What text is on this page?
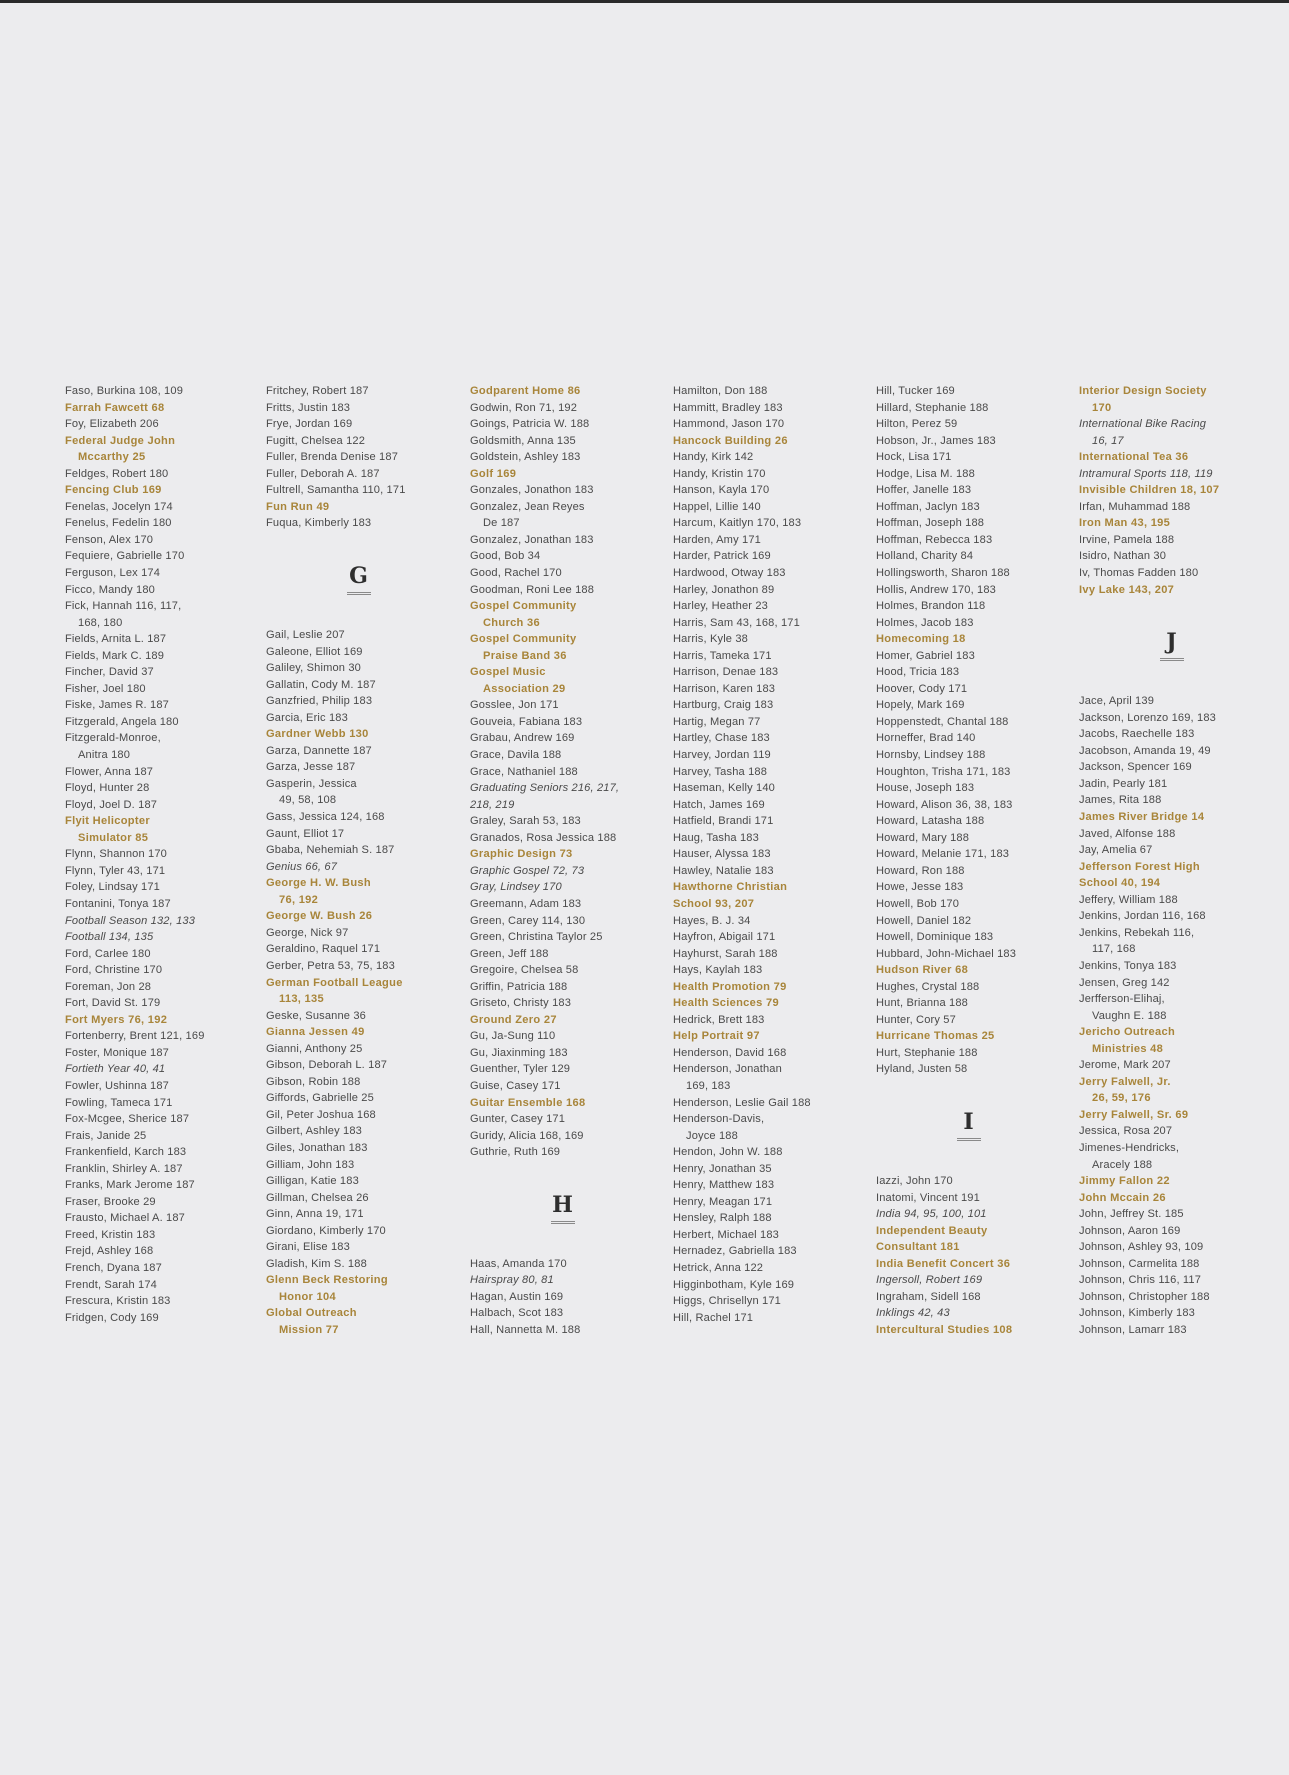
Faso, Burkina 108, 109
Farrah Fawcett 68
Foy, Elizabeth 206
Federal Judge John
Mccarthy 25
Feldges, Robert 180
Fencing Club 169
Fenelas, Jocelyn 174
Fenelus, Fedelin 180
Fenson, Alex 170
Fequiere, Gabrielle 170
Ferguson, Lex 174
Ficco, Mandy 180
Fick, Hannah 116, 117,
168, 180
Fields, Arnita L. 187
Fields, Mark C. 189
Fincher, David 37
Fisher, Joel 180
Fiske, James R. 187
Fitzgerald, Angela 180
Fitzgerald-Monroe,
Anitra 180
Flower, Anna 187
Floyd, Hunter 28
Floyd, Joel D. 187
Flyit Helicopter
Simulator 85
Flynn, Shannon 170
Flynn, Tyler 43, 171
Foley, Lindsay 171
Fontanini, Tonya 187
Football Season 132, 133
Football 134, 135
Ford, Carlee 180
Ford, Christine 170
Foreman, Jon 28
Fort, David St. 179
Fort Myers 76, 192
Fortenberry, Brent 121, 169
Foster, Monique 187
Fortieth Year 40, 41
Fowler, Ushinna 187
Fowling, Tameca 171
Fox-Mcgee, Sherice 187
Frais, Janide 25
Frankenfield, Karch 183
Franklin, Shirley A. 187
Franks, Mark Jerome 187
Fraser, Brooke 29
Frausto, Michael A. 187
Freed, Kristin 183
Frejd, Ashley 168
French, Dyana 187
Frendt, Sarah 174
Frescura, Kristin 183
Fridgen, Cody 169
Fritchey, Robert 187
Fritts, Justin 183
Frye, Jordan 169
Fugitt, Chelsea 122
Fuller, Brenda Denise 187
Fuller, Deborah A. 187
Fultrell, Samantha 110, 171
Fun Run 49
Fuqua, Kimberly 183
G
Gail, Leslie 207
Galeone, Elliot 169
Galiley, Shimon 30
Gallatin, Cody M. 187
Ganzfried, Philip 183
Garcia, Eric 183
Gardner Webb 130
Garza, Dannette 187
Garza, Jesse 187
Gasperin, Jessica
49, 58, 108
Gass, Jessica 124, 168
Gaunt, Elliot 17
Gbaba, Nehemiah S. 187
Genius 66, 67
George H. W. Bush
76, 192
George W. Bush 26
George, Nick 97
Geraldino, Raquel 171
Gerber, Petra 53, 75, 183
German Football League
113, 135
Geske, Susanne 36
Gianna Jessen 49
Gianni, Anthony 25
Gibson, Deborah L. 187
Gibson, Robin 188
Giffords, Gabrielle 25
Gil, Peter Joshua 168
Gilbert, Ashley 183
Giles, Jonathan 183
Gilliam, John 183
Gilligan, Katie 183
Gillman, Chelsea 26
Ginn, Anna 19, 171
Giordano, Kimberly 170
Girani, Elise 183
Gladish, Kim S. 188
Glenn Beck Restoring
Honor 104
Global Outreach
Mission 77
Godparent Home 86
Godwin, Ron 71, 192
Goings, Patricia W. 188
Goldsmith, Anna 135
Goldstein, Ashley 183
Golf 169
Gonzales, Jonathon 183
Gonzalez, Jean Reyes
De 187
Gonzalez, Jonathan 183
Good, Bob 34
Good, Rachel 170
Goodman, Roni Lee 188
Gospel Community
Church 36
Gospel Community
Praise Band 36
Gospel Music
Association 29
Gosslee, Jon 171
Gouveia, Fabiana 183
Grabau, Andrew 169
Grace, Davila 188
Grace, Nathaniel 188
Graduating Seniors 216, 217,
218, 219
Graley, Sarah 53, 183
Granados, Rosa Jessica 188
Graphic Design 73
Graphic Gospel 72, 73
Gray, Lindsey 170
Greemann, Adam 183
Green, Carey 114, 130
Green, Christina Taylor 25
Green, Jeff 188
Gregoire, Chelsea 58
Griffin, Patricia 188
Griseto, Christy 183
Ground Zero 27
Gu, Ja-Sung 110
Gu, Jiaxinming 183
Guenther, Tyler 129
Guise, Casey 171
Guitar Ensemble 168
Gunter, Casey 171
Guridy, Alicia 168, 169
Guthrie, Ruth 169
H
Haas, Amanda 170
Hairspray 80, 81
Hagan, Austin 169
Halbach, Scot 183
Hall, Nannetta M. 188
Hamilton, Don 188
Hammitt, Bradley 183
Hammond, Jason 170
Hancock Building 26
Handy, Kirk 142
Handy, Kristin 170
Hanson, Kayla 170
Happel, Lillie 140
Harcum, Kaitlyn 170, 183
Harden, Amy 171
Harder, Patrick 169
Hardwood, Otway 183
Harley, Jonathon 89
Harley, Heather 23
Harris, Sam 43, 168, 171
Harris, Kyle 38
Harris, Tameka 171
Harrison, Denae 183
Harrison, Karen 183
Hartburg, Craig 183
Hartig, Megan 77
Hartley, Chase 183
Harvey, Jordan 119
Harvey, Tasha 188
Haseman, Kelly 140
Hatch, James 169
Hatfield, Brandi 171
Haug, Tasha 183
Hauser, Alyssa 183
Hawley, Natalie 183
Hawthorne Christian
School 93, 207
Hayes, B. J. 34
Hayfron, Abigail 171
Hayhurst, Sarah 188
Hays, Kaylah 183
Health Promotion 79
Health Sciences 79
Hedrick, Brett 183
Help Portrait 97
Henderson, David 168
Henderson, Jonathan
169, 183
Henderson, Leslie Gail 188
Henderson-Davis,
Joyce 188
Hendon, John W. 188
Henry, Jonathan 35
Henry, Matthew 183
Henry, Meagan 171
Hensley, Ralph 188
Herbert, Michael 183
Hernadez, Gabriella 183
Hetrick, Anna 122
Higginbotham, Kyle 169
Higgs, Chrisellyn 171
Hill, Rachel 171
Hill, Tucker 169
Hillard, Stephanie 188
Hilton, Perez 59
Hobson, Jr., James 183
Hock, Lisa 171
Hodge, Lisa M. 188
Hoffer, Janelle 183
Hoffman, Jaclyn 183
Hoffman, Joseph 188
Hoffman, Rebecca 183
Holland, Charity 84
Hollingsworth, Sharon 188
Hollis, Andrew 170, 183
Holmes, Brandon 118
Holmes, Jacob 183
Homecoming 18
Homer, Gabriel 183
Hood, Tricia 183
Hoover, Cody 171
Hopely, Mark 169
Hoppenstedt, Chantal 188
Horneffer, Brad 140
Hornsby, Lindsey 188
Houghton, Trisha 171, 183
House, Joseph 183
Howard, Alison 36, 38, 183
Howard, Latasha 188
Howard, Mary 188
Howard, Melanie 171, 183
Howard, Ron 188
Howe, Jesse 183
Howell, Bob 170
Howell, Daniel 182
Howell, Dominique 183
Hubbard, John-Michael 183
Hudson River 68
Hughes, Crystal 188
Hunt, Brianna 188
Hunter, Cory 57
Hurricane Thomas 25
Hurt, Stephanie 188
Hyland, Justen 58
I
Iazzi, John 170
Inatomi, Vincent 191
India 94, 95, 100, 101
Independent Beauty
Consultant 181
India Benefit Concert 36
Ingersoll, Robert 169
Ingraham, Sidell 168
Inklings 42, 43
Intercultural Studies 108
Interior Design Society
170
International Bike Racing
16, 17
International Tea 36
Intramural Sports 118, 119
Invisible Children 18, 107
Irfan, Muhammad 188
Iron Man 43, 195
Irvine, Pamela 188
Isidro, Nathan 30
Iv, Thomas Fadden 180
Ivy Lake 143, 207
J
Jace, April 139
Jackson, Lorenzo 169, 183
Jacobs, Raechelle 183
Jacobson, Amanda 19, 49
Jackson, Spencer 169
Jadin, Pearly 181
James, Rita 188
James River Bridge 14
Javed, Alfonse 188
Jay, Amelia 67
Jefferson Forest High
School 40, 194
Jeffery, William 188
Jenkins, Jordan 116, 168
Jenkins, Rebekah 116,
117, 168
Jenkins, Tonya 183
Jensen, Greg 142
Jerfferson-Elihaj,
Vaughn E. 188
Jericho Outreach
Ministries 48
Jerome, Mark 207
Jerry Falwell, Jr.
26, 59, 176
Jerry Falwell, Sr. 69
Jessica, Rosa 207
Jimenes-Hendricks,
Aracely 188
Jimmy Fallon 22
John Mccain 26
John, Jeffrey St. 185
Johnson, Aaron 169
Johnson, Ashley 93, 109
Johnson, Carmelita 188
Johnson, Chris 116, 117
Johnson, Christopher 188
Johnson, Kimberly 183
Johnson, Lamarr 183
